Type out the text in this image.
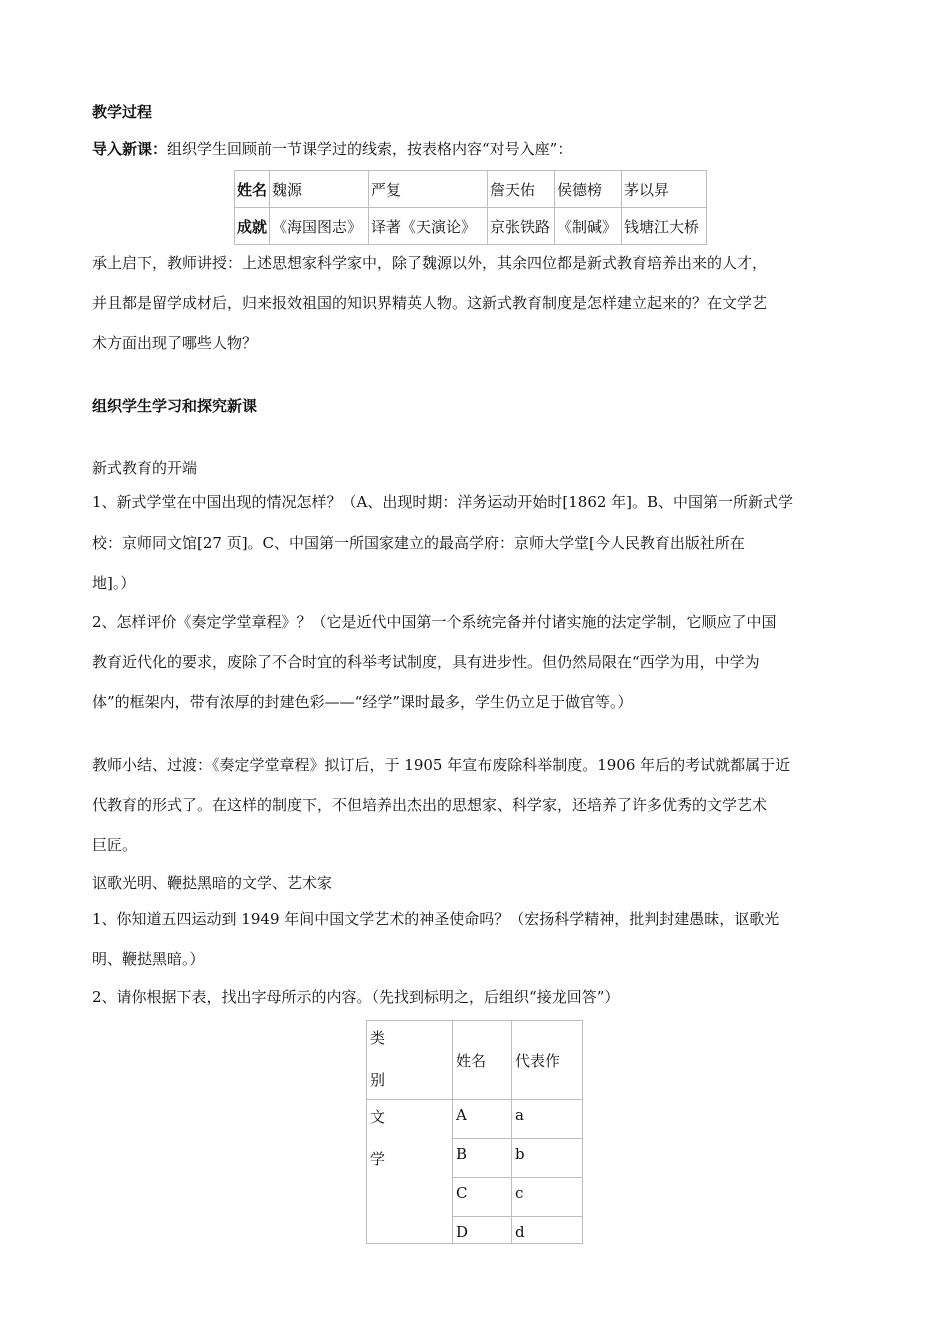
教学过程
导入新课：组织学生回顾前一节课学过的线索，按表格内容“对号入座”：
姓名	魏源	严复	詹天佑	侯德榜	茅以昇
成就	《海国图志》	译著《天演论》	京张铁路	《制碱》	钱塘江大桥
承上启下，教师讲授：上述思想家科学家中，除了魏源以外，其余四位都是新式教育培养出来的人才，
并且都是留学成材后，归来报效祖国的知识界精英人物。这新式教育制度是怎样建立起来的？在文学艺
术方面出现了哪些人物？
组织学生学习和探究新课
新式教育的开端
1、新式学堂在中国出现的情况怎样？（A、出现时期：洋务运动开始时[1862 年]。B、中国第一所新式学
校：京师同文馆[27 页]。C、中国第一所国家建立的最高学府：京师大学堂[今人民教育出版社所在
地]。）
2、怎样评价《奏定学堂章程》？（它是近代中国第一个系统完备并付诸实施的法定学制，它顺应了中国
教育近代化的要求，废除了不合时宜的科举考试制度，具有进步性。但仍然局限在“西学为用，中学为
体”的框架内，带有浓厚的封建色彩——“经学”课时最多，学生仍立足于做官等。）
教师小结、过渡：《奏定学堂章程》拟订后，于 1905 年宣布废除科举制度。1906 年后的考试就都属于近
代教育的形式了。在这样的制度下，不但培养出杰出的思想家、科学家，还培养了许多优秀的文学艺术
巨匠。
讴歌光明、鞭挞黑暗的文学、艺术家
1、你知道五四运动到 1949 年间中国文学艺术的神圣使命吗？（宏扬科学精神，批判封建愚昧，讴歌光
明、鞭挞黑暗。）
2、请你根据下表，找出字母所示的内容。（先找到标明之，后组织“接龙回答”）
类
别	姓名	代表作

文
学	A	a
	B	b
	C	c
	D	d
